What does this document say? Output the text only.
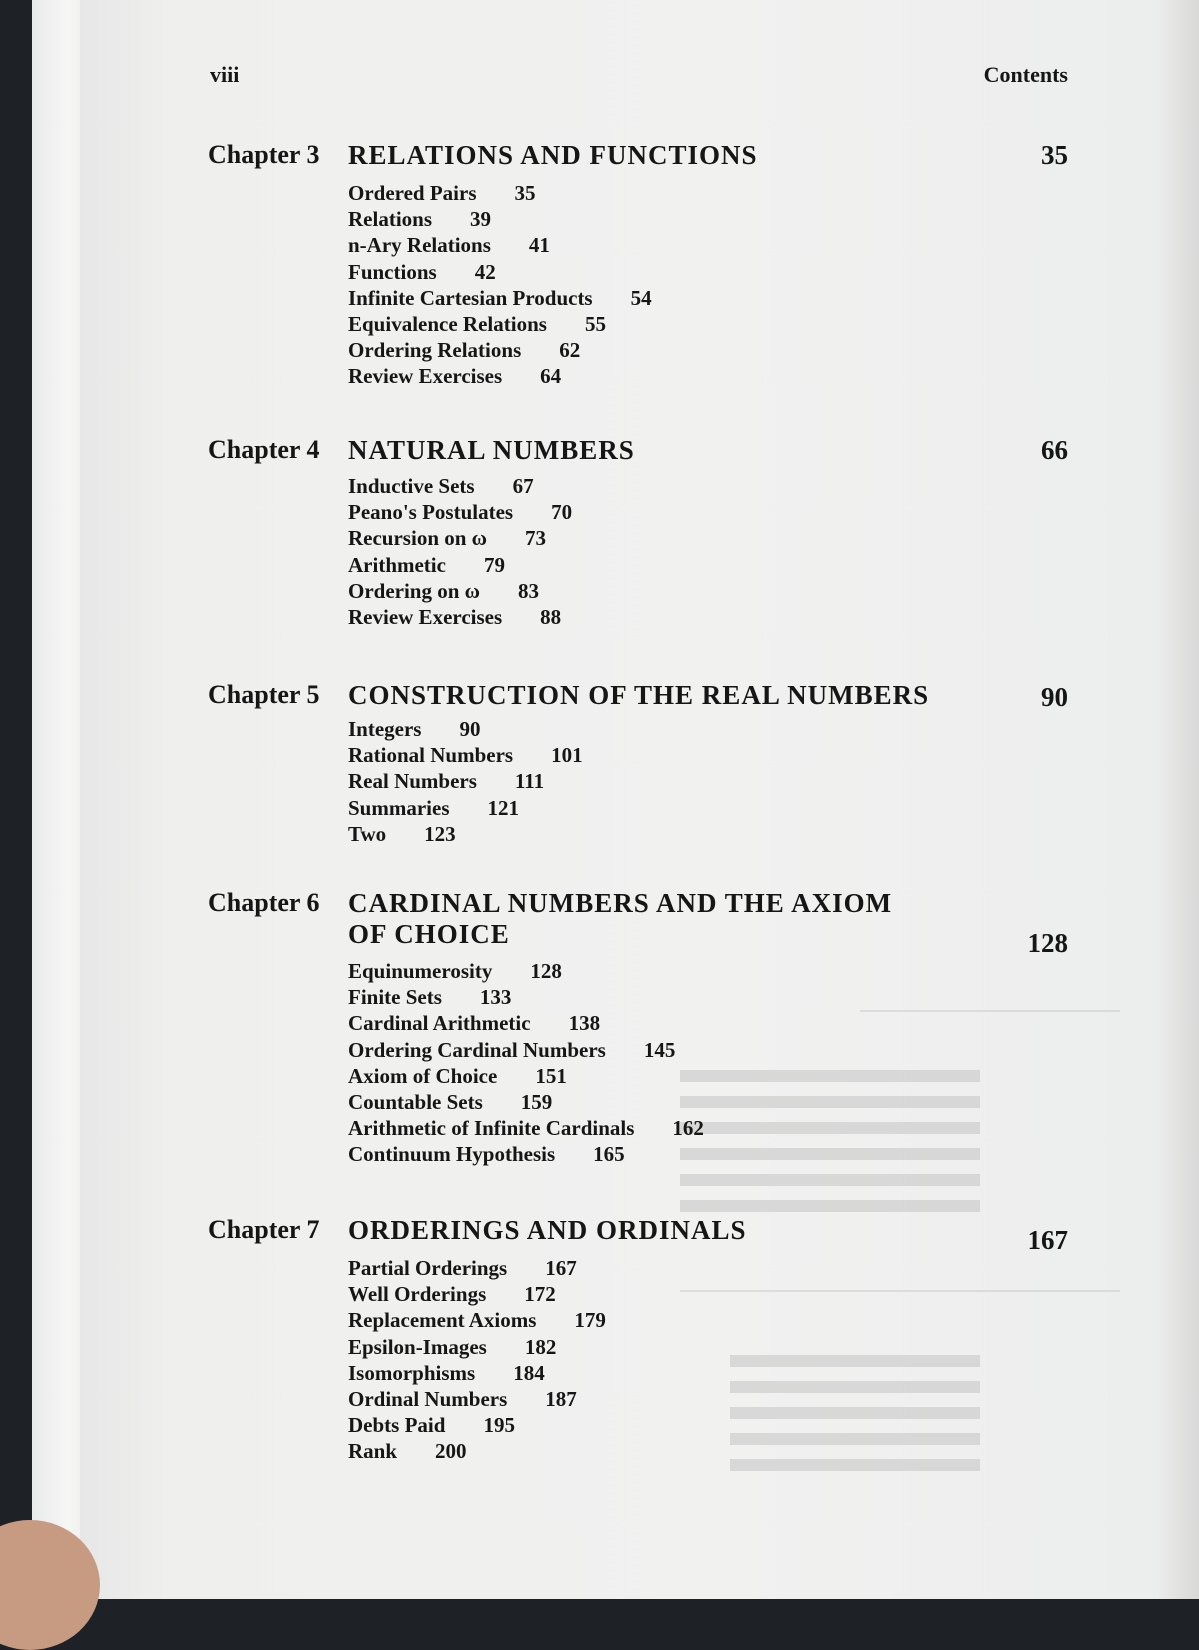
viii	Contents
Chapter 3 RELATIONS AND FUNCTIONS	35
Ordered Pairs 35
Relations 39
n-Ary Relations 41
Functions 42
Infinite Cartesian Products 54
Equivalence Relations 55
Ordering Relations 62
Review Exercises 64
Chapter 4 NATURAL NUMBERS	66
Inductive Sets 67
Peano's Postulates 70
Recursion on ω 73
Arithmetic 79
Ordering on ω 83
Review Exercises 88
Chapter 5 CONSTRUCTION OF THE REAL NUMBERS	90
Integers 90
Rational Numbers 101
Real Numbers 111
Summaries 121
Two 123
Chapter 6 CARDINAL NUMBERS AND THE AXIOM OF CHOICE	128
Equinumerosity 128
Finite Sets 133
Cardinal Arithmetic 138
Ordering Cardinal Numbers 145
Axiom of Choice 151
Countable Sets 159
Arithmetic of Infinite Cardinals 162
Continuum Hypothesis 165
Chapter 7 ORDERINGS AND ORDINALS	167
Partial Orderings 167
Well Orderings 172
Replacement Axioms 179
Epsilon-Images 182
Isomorphisms 184
Ordinal Numbers 187
Debts Paid 195
Rank 200
